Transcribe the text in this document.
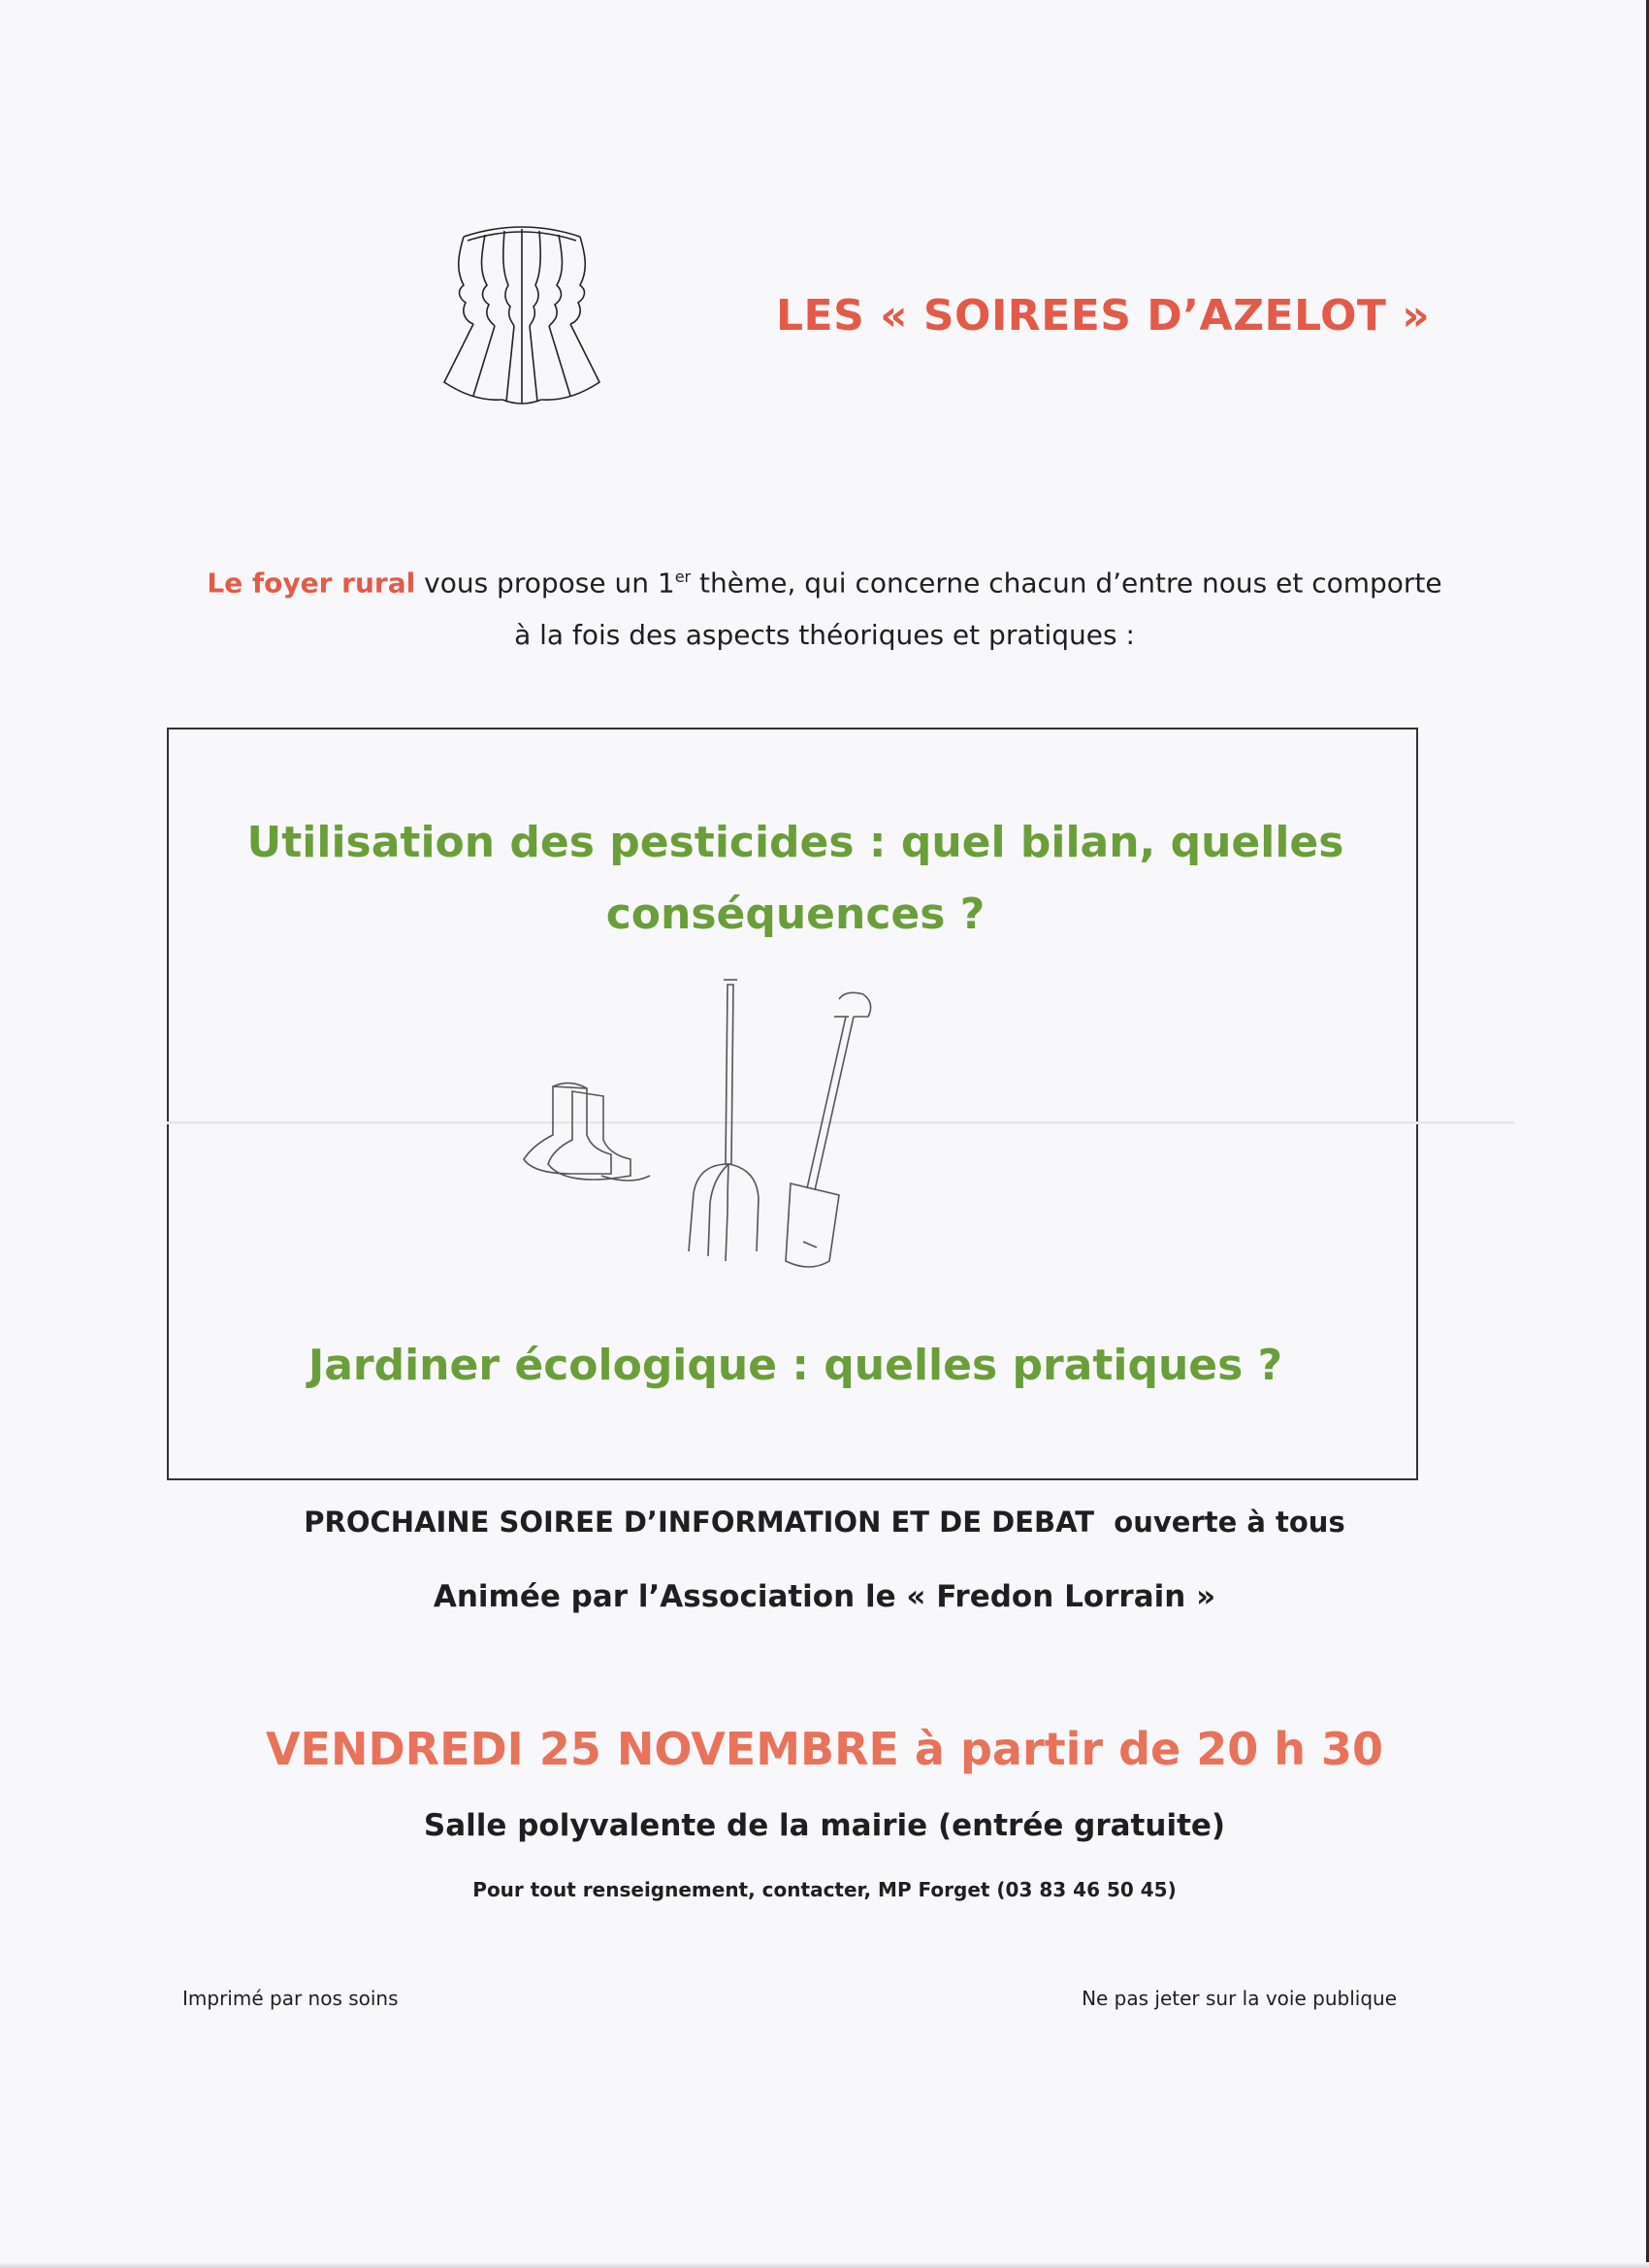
LES « SOIREES D’AZELOT »
Le foyer rural vous propose un 1er thème, qui concerne chacun d’entre nous et comporte
à la fois des aspects théoriques et pratiques :
Utilisation des pesticides : quel bilan, quelles
conséquences ?
Jardiner écologique : quelles pratiques ?
PROCHAINE SOIREE D’INFORMATION ET DE DEBAT ouverte à tous
Animée par l’Association le « Fredon Lorrain »
VENDREDI 25 NOVEMBRE à partir de 20 h 30
Salle polyvalente de la mairie (entrée gratuite)
Pour tout renseignement, contacter, MP Forget (03 83 46 50 45)
Imprimé par nos soins	Ne pas jeter sur la voie publique
